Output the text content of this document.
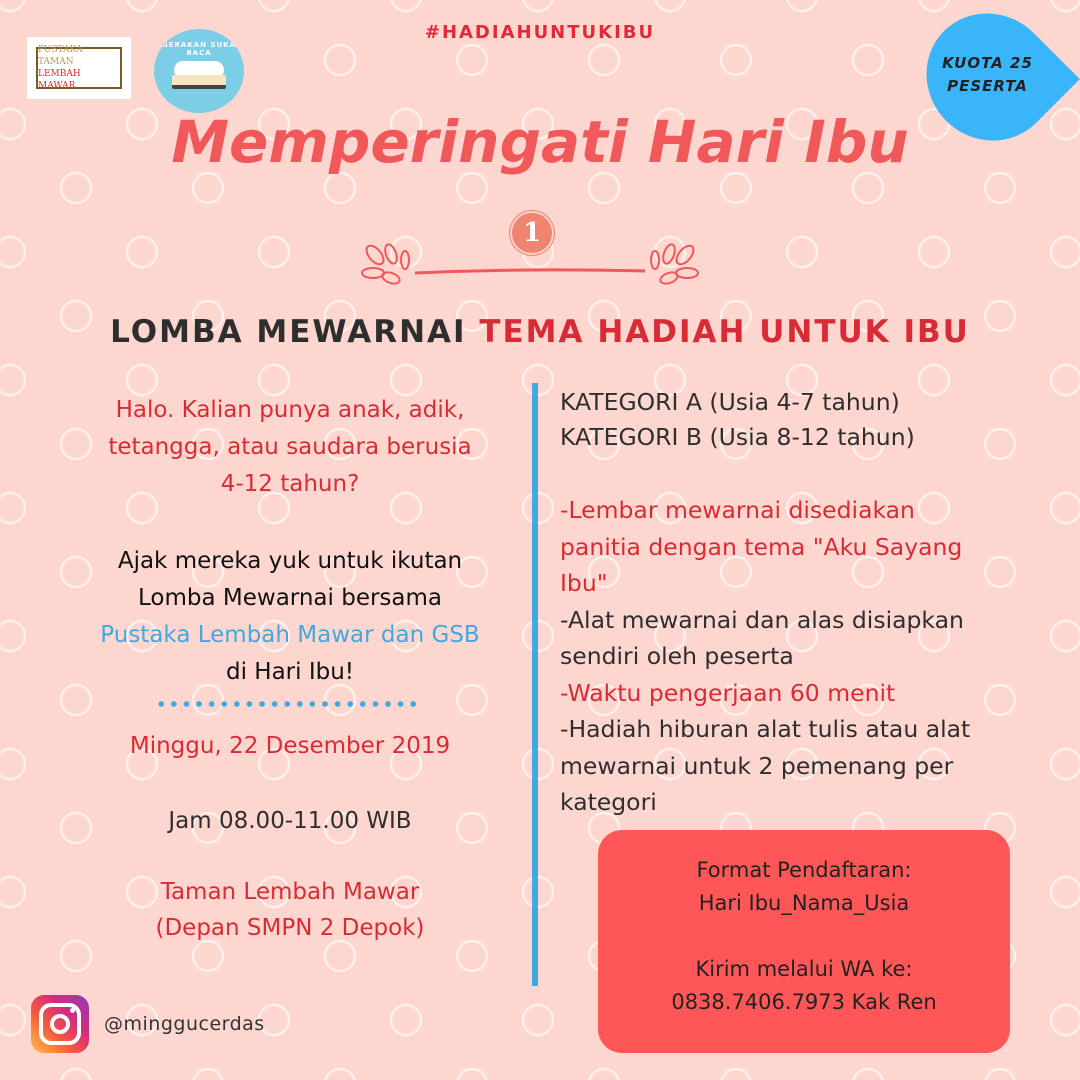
PUSTAKA TAMAN
LEMBAH MAWAR
GERAKAN SUKA BACA
#HADIAHUNTUKIBU
KUOTA 25
PESERTA
Memperingati Hari Ibu
1
LOMBA MEWARNAI TEMA HADIAH UNTUK IBU
Halo. Kalian punya anak, adik,
tetangga, atau saudara berusia
4-12 tahun?
Ajak mereka yuk untuk ikutan
Lomba Mewarnai bersama
Pustaka Lembah Mawar dan GSB
di Hari Ibu!
Minggu, 22 Desember 2019
Jam 08.00-11.00 WIB
Taman Lembah Mawar
(Depan SMPN 2 Depok)
KATEGORI A (Usia 4-7 tahun)
KATEGORI B (Usia 8-12 tahun)
-Lembar mewarnai disediakan
panitia dengan tema "Aku Sayang
Ibu"
-Alat mewarnai dan alas disiapkan
sendiri oleh peserta
-Waktu pengerjaan 60 menit
-Hadiah hiburan alat tulis atau alat
mewarnai untuk 2 pemenang per
kategori
Format Pendaftaran:
Hari Ibu_Nama_Usia
Kirim melalui WA ke:
0838.7406.7973 Kak Ren
@minggucerdas
